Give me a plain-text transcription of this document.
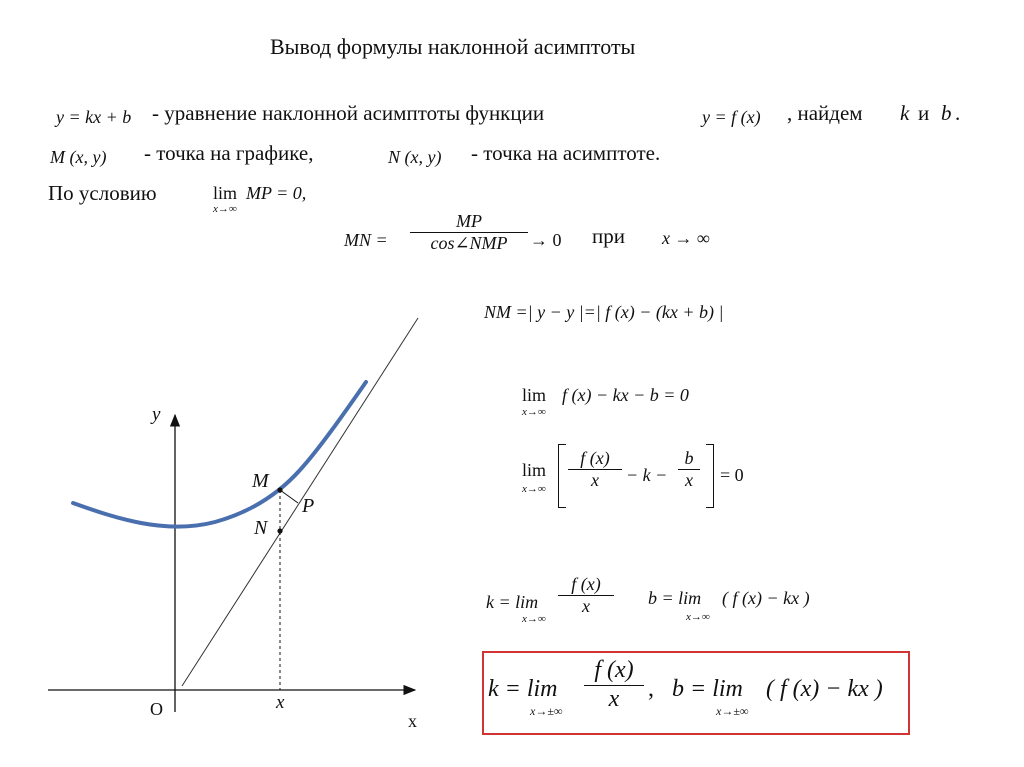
Вывод формулы наклонной асимптоты
y = kx + b - уравнение наклонной асимптоты функции	y = f (x) , найдем k и b .
M (x, y) - точка на графике,	N (x, y) - точка на асимптоте.
По условию	lim
x→∞
MP = 0,
MN =
MP
cos∠NMP → 0 при x → ∞
NM =| y − y |=| f (x) − (kx + b) |
lim
x→∞
f (x) − kx − b = 0
lim
x→∞
f (x)
x − k −
b
x = 0
k = lim
x→∞
f (x)
x	b = lim
x→∞
( f (x) − kx )
k = lim
x→±∞
f (x)
x , b = lim
x→±∞
( f (x) − kx )
y
x
O
M
N
P
x
